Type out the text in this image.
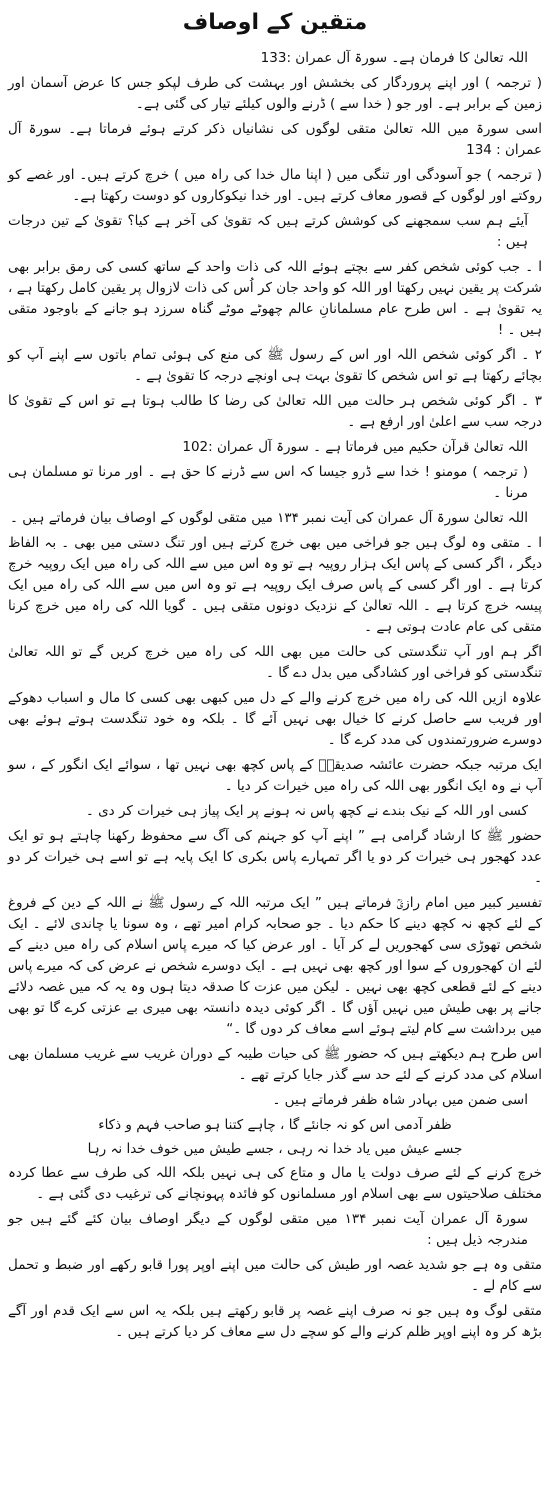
متقین کے اوصاف

اللہ تعالیٰ کا فرمان ہے۔ سورۃ آل عمران :133

( ترجمہ ) اور اپنے پروردگار کی بخشش اور بہشت کی طرف لپکو جس کا عرض آسمان اور زمین کے برابر ہے۔ اور جو ( خدا سے ) ڈرنے والوں کیلئے تیار کی گئی ہے۔

اسی سورۃ میں اللہ تعالیٰ متقی لوگوں کی نشانیاں ذکر کرتے ہوئے فرماتا ہے۔ سورۃ آل عمران : 134

( ترجمہ ) جو آسودگی اور تنگی میں ( اپنا مال خدا کی راہ میں ) خرچ کرتے ہیں۔ اور غصے کو روکتے اور لوگوں کے قصور معاف کرتے ہیں۔ اور خدا نیکوکاروں کو دوست رکھتا ہے۔

آیئے ہم سب سمجھنے کی کوشش کرتے ہیں کہ تقویٰ کی آخر ہے کیا؟ تقویٰ کے تین درجات ہیں :

ا ۔ جب کوئی شخص کفر سے بچتے ہوئے اللہ کی ذات واحد کے ساتھ کسی کی رمق برابر بھی شرکت پر یقین نہیں رکھتا اور اللہ کو واحد جان کر اُس کی ذات لازوال پر یقین کامل رکھتا ہے ، یہ تقویٰ ہے ۔ اس طرح عام مسلمانانِ عالم چھوٹے موٹے گناہ سرزد ہو جانے کے باوجود متقی ہیں ۔ !

۲ ۔ اگر کوئی شخص اللہ اور اس کے رسول ﷺ کی منع کی ہوئی تمام باتوں سے اپنے آپ کو بچائے رکھتا ہے تو اس شخص کا تقویٰ بہت ہی اونچے درجہ کا تقویٰ ہے ۔

۳ ۔ اگر کوئی شخص ہر حالت میں اللہ تعالیٰ کی رضا کا طالب ہوتا ہے تو اس کے تقویٰ کا درجہ سب سے اعلیٰ اور ارفع ہے ۔

اللہ تعالیٰ قرآن حکیم میں فرماتا ہے ۔ سورۃ آل عمران :102

( ترجمہ ) مومنو ! خدا سے ڈرو جیسا کہ اس سے ڈرنے کا حق ہے ۔ اور مرنا تو مسلمان ہی مرنا ۔

اللہ تعالیٰ سورۃ آل عمران کی آیت نمبر ۱۳۴ میں متقی لوگوں کے اوصاف بیان فرماتے ہیں ۔

ا ۔ متقی وہ لوگ ہیں جو فراخی میں بھی خرچ کرتے ہیں اور تنگ دستی میں بھی ۔ بہ الفاظ دیگر ، اگر کسی کے پاس ایک ہزار روپیہ ہے تو وہ اس میں سے اللہ کی راہ میں ایک روپیہ خرچ کرتا ہے ۔ اور اگر کسی کے پاس صرف ایک روپیہ ہے تو وہ اس میں سے اللہ کی راہ میں ایک پیسہ خرچ کرتا ہے ۔ اللہ تعالیٰ کے نزدیک دونوں متقی ہیں ۔ گویا اللہ کی راہ میں خرچ کرنا متقی کی عام عادت ہوتی ہے ۔

اگر ہم اور آپ تنگدستی کی حالت میں بھی اللہ کی راہ میں خرچ کریں گے تو اللہ تعالیٰ تنگدستی کو فراخی اور کشادگی میں بدل دے گا ۔

علاوہ ازیں اللہ کی راہ میں خرچ کرنے والے کے دل میں کبھی بھی کسی کا مال و اسباب دھوکے اور فریب سے حاصل کرنے کا خیال بھی نہیں آئے گا ۔ بلکہ وہ خود تنگدست ہوتے ہوئے بھی دوسرے ضرورتمندوں کی مدد کرے گا ۔

ایک مرتبہ جبکہ حضرت عائشہ صدیقہؓ کے پاس کچھ بھی نہیں تھا ، سوائے ایک انگور کے ، سو آپ نے وہ ایک انگور بھی اللہ کی راہ میں خیرات کر دیا ۔

کسی اور اللہ کے نیک بندے نے کچھ پاس نہ ہونے پر ایک پیاز ہی خیرات کر دی ۔

حضور ﷺ کا ارشاد گرامی ہے ” اپنے آپ کو جہنم کی آگ سے محفوظ رکھنا چاہتے ہو تو ایک عدد کھجور ہی خیرات کر دو یا اگر تمہارے پاس بکری کا ایک پایہ ہے تو اسے ہی خیرات کر دو ۔

تفسیر کبیر میں امام رازیؒ فرماتے ہیں ” ایک مرتبہ اللہ کے رسول ﷺ نے اللہ کے دین کے فروغ کے لئے کچھ نہ کچھ دینے کا حکم دیا ۔ جو صحابہ کرام امیر تھے ، وہ سونا یا چاندی لائے ۔ ایک شخص تھوڑی سی کھجوریں لے کر آیا ۔ اور عرض کیا کہ میرے پاس اسلام کی راہ میں دینے کے لئے ان کھجوروں کے سوا اور کچھ بھی نہیں ہے ۔ ایک دوسرے شخص نے عرض کی کہ میرے پاس دینے کے لئے قطعی کچھ بھی نہیں ۔ لیکن میں عزت کا صدقہ دیتا ہوں وہ یہ کہ میں غصہ دلائے جانے پر بھی طیش میں نہیں آؤں گا ۔ اگر کوئی دیدہ دانستہ بھی میری بے عزتی کرے گا تو بھی میں برداشت سے کام لیتے ہوئے اسے معاف کر دوں گا ۔“

اس طرح ہم دیکھتے ہیں کہ حضور ﷺ کی حیات طیبہ کے دوران غریب سے غریب مسلمان بھی اسلام کی مدد کرنے کے لئے حد سے گذر جایا کرتے تھے ۔

اسی ضمن میں بہادر شاہ ظفر فرماتے ہیں ۔

ظفر آدمی اس کو نہ جانئے گا ، چاہے کتنا ہو صاحب فہم و ذکاء
جسے عیش میں یاد خدا نہ رہی ، جسے طیش میں خوف خدا نہ رہا

خرچ کرنے کے لئے صرف دولت یا مال و متاع کی ہی نہیں بلکہ اللہ کی طرف سے عطا کردہ مختلف صلاحیتوں سے بھی اسلام اور مسلمانوں کو فائدہ پہونچانے کی ترغیب دی گئی ہے ۔

سورۃ آل عمران آیت نمبر ۱۳۴ میں متقی لوگوں کے دیگر اوصاف بیان کئے گئے ہیں جو مندرجہ ذیل ہیں :

متقی وہ ہے جو شدید غصہ اور طیش کی حالت میں اپنے اوپر پورا قابو رکھے اور ضبط و تحمل سے کام لے ۔

متقی لوگ وہ ہیں جو نہ صرف اپنے غصہ پر قابو رکھتے ہیں بلکہ یہ اس سے ایک قدم اور آگے بڑھ کر وہ اپنے اوپر ظلم کرنے والے کو سچے دل سے معاف کر دیا کرتے ہیں ۔
